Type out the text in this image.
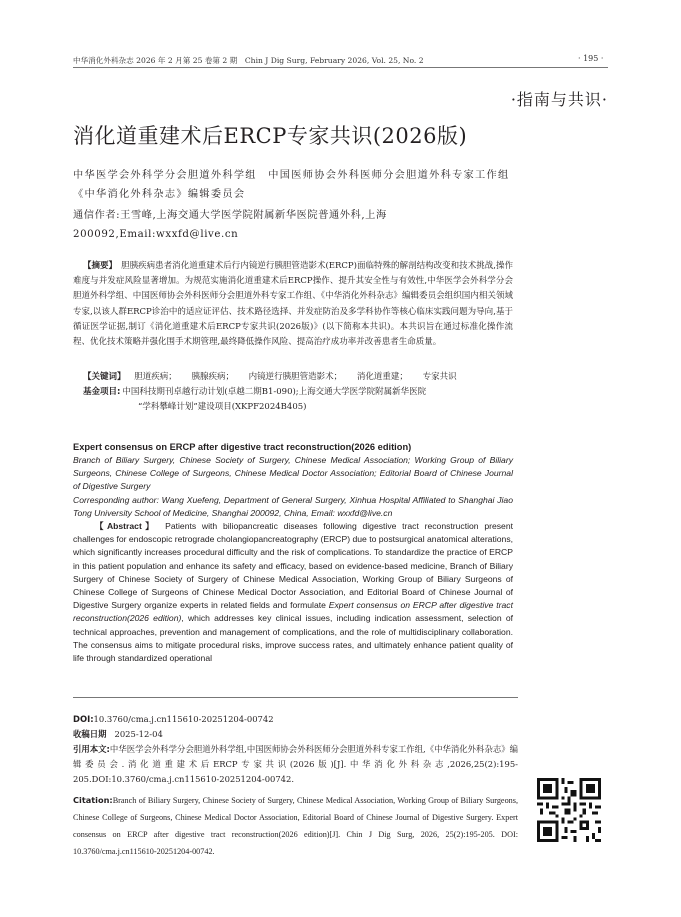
中华消化外科杂志 2026 年 2 月第 25 卷第 2 期　Chin J Dig Surg, February 2026, Vol. 25, No. 2	· 195 ·
·指南与共识·
消化道重建术后ERCP专家共识(2026版)
中华医学会外科学分会胆道外科学组　中国医师协会外科医师分会胆道外科专家工作组　《中华消化外科杂志》编辑委员会
通信作者:王雪峰,上海交通大学医学院附属新华医院普通外科,上海　200092,Email:wxxfd@live.cn
【摘要】 胆胰疾病患者消化道重建术后行内镜逆行胰胆管造影术(ERCP)面临特殊的解剖结构改变和技术挑战,操作难度与并发症风险显著增加。为规范实施消化道重建术后ERCP操作、提升其安全性与有效性,中华医学会外科学分会胆道外科学组、中国医师协会外科医师分会胆道外科专家工作组、《中华消化外科杂志》编辑委员会组织国内相关领域专家,以该人群ERCP诊治中的适应证评估、技术路径选择、并发症防治及多学科协作等核心临床实践问题为导向,基于循证医学证据,制订《消化道重建术后ERCP专家共识(2026版)》(以下简称本共识)。本共识旨在通过标准化操作流程、优化技术策略并强化围手术期管理,最终降低操作风险、提高治疗成功率并改善患者生命质量。
【关键词】 胆道疾病； 胰腺疾病； 内镜逆行胰胆管造影术； 消化道重建； 专家共识
基金项目: 中国科技期刊卓越行动计划(卓越二期B1-090);上海交通大学医学院附属新华医院
“学科攀峰计划”建设项目(XKPF2024B405)

Expert consensus on ERCP after digestive tract reconstruction(2026 edition)

Branch of Biliary Surgery, Chinese Society of Surgery, Chinese Medical Association; Working Group of Biliary Surgeons, Chinese College of Surgeons, Chinese Medical Doctor Association; Editorial Board of Chinese Journal of Digestive Surgery
Corresponding author: Wang Xuefeng, Department of General Surgery, Xinhua Hospital Affiliated to Shanghai Jiao Tong University School of Medicine, Shanghai 200092, China, Email: wxxfd@live.cn
【Abstract】 Patients with biliopancreatic diseases following digestive tract reconstruction present challenges for endoscopic retrograde cholangiopancreatography (ERCP) due to postsurgical anatomical alterations, which significantly increases procedural difficulty and the risk of complications. To standardize the practice of ERCP in this patient population and enhance its safety and efficacy, based on evidence-based medicine, Branch of Biliary Surgery of Chinese Society of Surgery of Chinese Medical Association, Working Group of Biliary Surgeons of Chinese College of Surgeons of Chinese Medical Doctor Association, and Editorial Board of Chinese Journal of Digestive Surgery organize experts in related fields and formulate Expert consensus on ERCP after digestive tract reconstruction(2026 edition), which addresses key clinical issues, including indication assessment, selection of technical approaches, prevention and management of complications, and the role of multidisciplinary collaboration. The consensus aims to mitigate procedural risks, improve success rates, and ultimately enhance patient quality of life through standardized operational
DOI:10.3760/cma.j.cn115610-20251204-00742
收稿日期 2025-12-04
引用本文:中华医学会外科学分会胆道外科学组,中国医师协会外科医师分会胆道外科专家工作组,《中华消化外科杂志》编辑委员会.消化道重建术后ERCP专家共识(2026版)[J].中华消化外科杂志,2026,25(2):195-205.DOI:10.3760/cma.j.cn115610-20251204-00742.
Citation:Branch of Biliary Surgery, Chinese Society of Surgery, Chinese Medical Association, Working Group of Biliary Surgeons, Chinese College of Surgeons, Chinese Medical Doctor Association, Editorial Board of Chinese Journal of Digestive Surgery. Expert consensus on ERCP after digestive tract reconstruction(2026 edition)[J]. Chin J Dig Surg, 2026, 25(2):195-205. DOI: 10.3760/cma.j.cn115610-20251204-00742.
